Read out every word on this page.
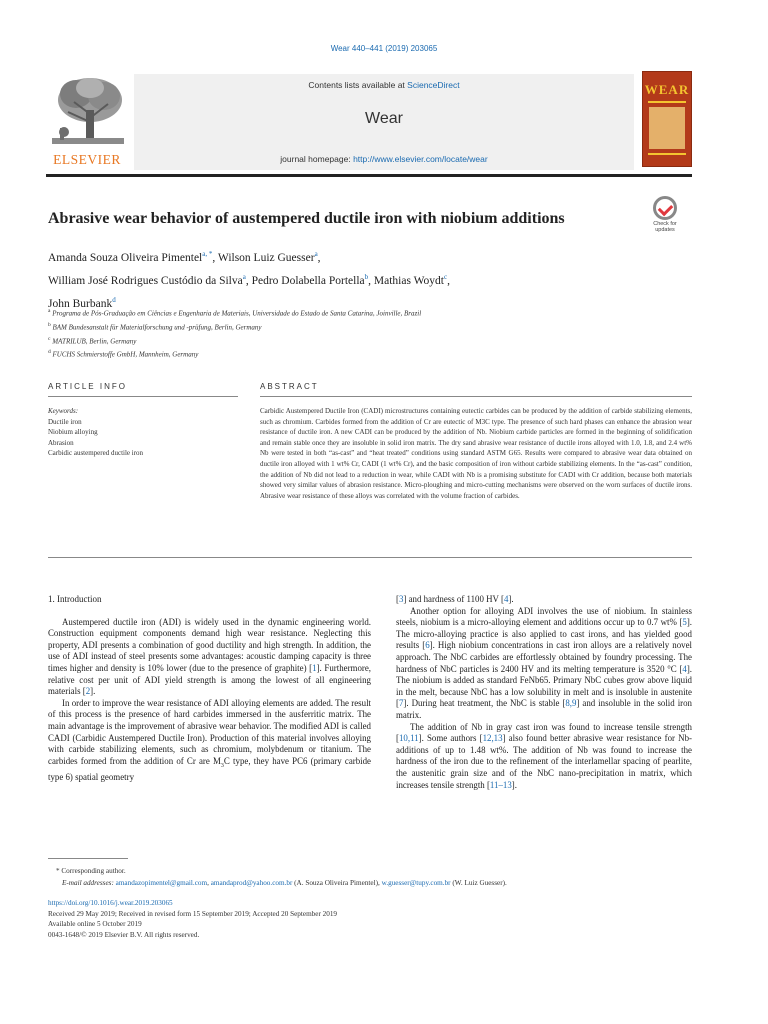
Wear 440–441 (2019) 203065
ELSEVIER
Contents lists available at ScienceDirect
Wear
journal homepage: http://www.elsevier.com/locate/wear
WEAR
Abrasive wear behavior of austempered ductile iron with niobium additions	Check for updates
Amanda Souza Oliveira Pimentel$^{a, *}$, Wilson Luiz Guesser$^a$,
William José Rodrigues Custódio da Silva$^a$, Pedro Dolabella Portella$^b$, Mathias Woydt$^c$,
John Burbank$^d$
$^a$ Programa de Pós-Graduação em Ciências e Engenharia de Materiais, Universidade do Estado de Santa Catarina, Joinville, Brazil
$^b$ BAM Bundesanstalt für Materialforschung und -prüfung, Berlin, Germany
$^c$ MATRILUB, Berlin, Germany
$^d$ FUCHS Schmierstoffe GmbH, Mannheim, Germany
ARTICLE INFO	ABSTRACT
Keywords:
Ductile iron
Niobium alloying
Abrasion
Carbidic austempered ductile iron
Carbidic Austempered Ductile Iron (CADI) microstructures containing eutectic carbides can be produced by the addition of carbide stabilizing elements, such as chromium. Carbides formed from the addition of Cr are eutectic of M3C type. The presence of such hard phases can enhance the abrasion wear resistance of ductile iron. A new CADI can be produced by the addition of Nb. Niobium carbide particles are formed in the beginning of solidification and remain stable once they are insoluble in solid iron matrix. The dry sand abrasive wear resistance of ductile irons alloyed with 1.0, 1.8, and 2.4 wt% Nb were tested in both “as-cast” and “heat treated” conditions using standard ASTM G65. Results were compared to abrasive wear data obtained on ductile iron alloyed with 1 wt% Cr, CADI (1 wt% Cr), and the basic composition of iron without carbide stabilizing elements. In the “as-cast” condition, the addition of Nb did not lead to a reduction in wear, while CADI with Nb is a promising substitute for CADI with Cr addition, because both materials showed very similar values of abrasion resistance. Micro-ploughing and micro-cutting mechanisms were observed on the worn surfaces of ductile irons. Abrasive wear resistance of these alloys was correlated with the volume fraction of carbides.

1. Introduction

Austempered ductile iron (ADI) is widely used in the dynamic engineering world. Construction equipment components demand high wear resistance. Neglecting this property, ADI presents a combination of good ductility and high strength. In addition, the use of ADI instead of steel presents some advantages: acoustic damping capacity is three times higher and density is 10% lower (due to the presence of graphite) [1]. Furthermore, relative cost per unit of ADI yield strength is among the lowest of all engineering materials [2].

In order to improve the wear resistance of ADI alloying elements are added. The result of this process is the presence of hard carbides immersed in the ausferritic matrix. The main advantage is the improvement of abrasive wear behavior. The modified ADI is called CADI (Carbidic Austempered Ductile Iron). Production of this material involves alloying with carbide stabilizing elements, such as chromium, molybdenum or titanium. The carbides formed from the addition of Cr are $M_3C$ type, they have PC6 (primary carbide type 6) spatial geometry

[3] and hardness of 1100 HV [4].

Another option for alloying ADI involves the use of niobium. In stainless steels, niobium is a micro-alloying element and additions occur up to 0.7 wt% [5]. The micro-alloying practice is also applied to cast irons, and has yielded good results [6]. High niobium concentrations in cast iron alloys are a relatively novel approach. The NbC carbides are effortlessly obtained by foundry processing. The hardness of NbC particles is 2400 HV and its melting temperature is 3520 °C [4]. The niobium is added as standard FeNb65. Primary NbC cubes grow above liquid in the melt, because NbC has a low solubility in melt and is insoluble in austenite [7]. During heat treatment, the NbC is stable [8,9] and insoluble in the solid iron matrix.

The addition of Nb in gray cast iron was found to increase tensile strength [10,11]. Some authors [12,13] also found better abrasive wear resistance for Nb-additions of up to 1.48 wt%. The addition of Nb was found to increase the hardness of the iron due to the refinement of the interlamellar spacing of pearlite, the austenitic grain size and of the NbC nano-precipitation in matrix, which increases tensile strength [11–13].

* Corresponding author.
E-mail addresses: amandazopimentel@gmail.com, amandaprod@yahoo.com.br (A. Souza Oliveira Pimentel), w.guesser@tupy.com.br (W. Luiz Guesser).
https://doi.org/10.1016/j.wear.2019.203065
Received 29 May 2019; Received in revised form 15 September 2019; Accepted 20 September 2019
Available online 5 October 2019
0043-1648/© 2019 Elsevier B.V. All rights reserved.
